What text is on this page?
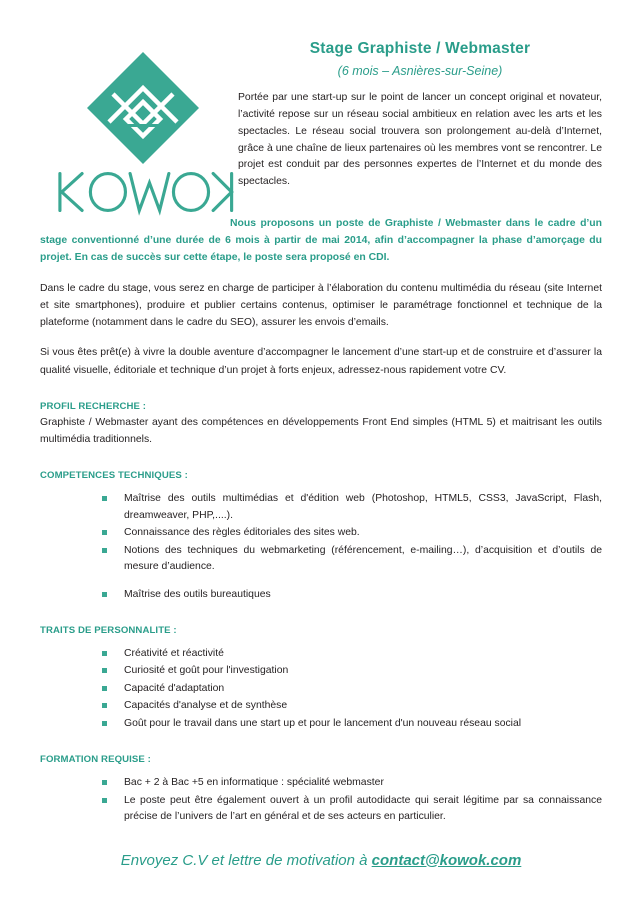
Stage Graphiste / Webmaster
(6 mois – Asnières-sur-Seine)

Portée par une start-up sur le point de lancer un concept original et novateur, l’activité repose sur un réseau social ambitieux en relation avec les arts et les spectacles. Le réseau social trouvera son prolongement au-delà d’Internet, grâce à une chaîne de lieux partenaires où les membres vont se rencontrer. Le projet est conduit par des personnes expertes de l’Internet et du monde des spectacles.

Nous proposons un poste de Graphiste / Webmaster dans le cadre d’un stage conventionné d’une durée de 6 mois à partir de mai 2014, afin d’accompagner la phase d’amorçage du projet. En cas de succès sur cette étape, le poste sera proposé en CDI.

Dans le cadre du stage, vous serez en charge de participer à l’élaboration du contenu multimédia du réseau (site Internet et site smartphones), produire et publier certains contenus, optimiser le paramétrage fonctionnel et technique de la plateforme (notamment dans le cadre du SEO), assurer les envois d’emails.

Si vous êtes prêt(e) à vivre la double aventure d’accompagner le lancement d’une start-up et de construire et d’assurer la qualité visuelle, éditoriale et technique d’un projet à forts enjeux, adressez-nous rapidement votre CV.

PROFIL RECHERCHE :

Graphiste / Webmaster ayant des compétences en développements Front End simples (HTML 5) et maitrisant les outils multimédia traditionnels.

COMPETENCES TECHNIQUES :
Maîtrise des outils multimédias et d'édition web (Photoshop, HTML5, CSS3, JavaScript, Flash, dreamweaver, PHP,....).
Connaissance des règles éditoriales des sites web.
Notions des techniques du webmarketing (référencement, e-mailing…), d’acquisition et d’outils de mesure d’audience.
Maîtrise des outils bureautiques
TRAITS DE PERSONNALITE :
Créativité et réactivité
Curiosité et goût pour l'investigation
Capacité d'adaptation
Capacités d'analyse et de synthèse
Goût pour le travail dans une start up et pour le lancement d'un nouveau réseau social
FORMATION REQUISE :
Bac + 2 à Bac +5 en informatique : spécialité webmaster
Le poste peut être également ouvert à un profil autodidacte qui serait légitime par sa connaissance précise de l’univers de l’art en général et de ses acteurs en particulier.
Envoyez C.V et lettre de motivation à contact@kowok.com
